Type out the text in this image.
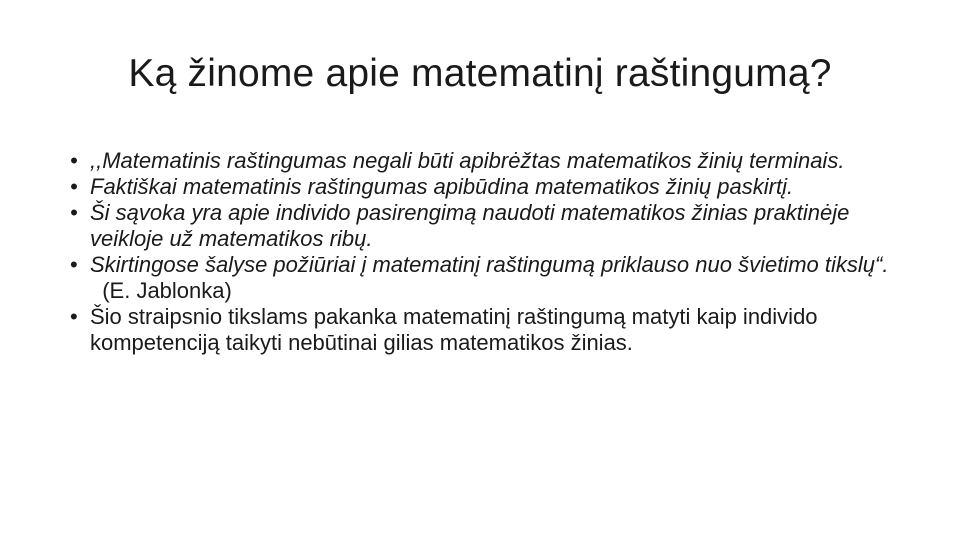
Ką žinome apie matematinį raštingumą?
• ,,Matematinis raštingumas negali būti apibrėžtas matematikos žinių terminais.
• Faktiškai matematinis raštingumas apibūdina matematikos žinių paskirtį.
• Ši sąvoka yra apie individo pasirengimą naudoti matematikos žinias praktinėje veikloje už matematikos ribų.
• Skirtingose šalyse požiūriai į matematinį raštingumą priklauso nuo švietimo tikslų“.  (E. Jablonka)
• Šio straipsnio tikslams pakanka matematinį raštingumą matyti kaip individo kompetenciją taikyti nebūtinai gilias matematikos žinias.
